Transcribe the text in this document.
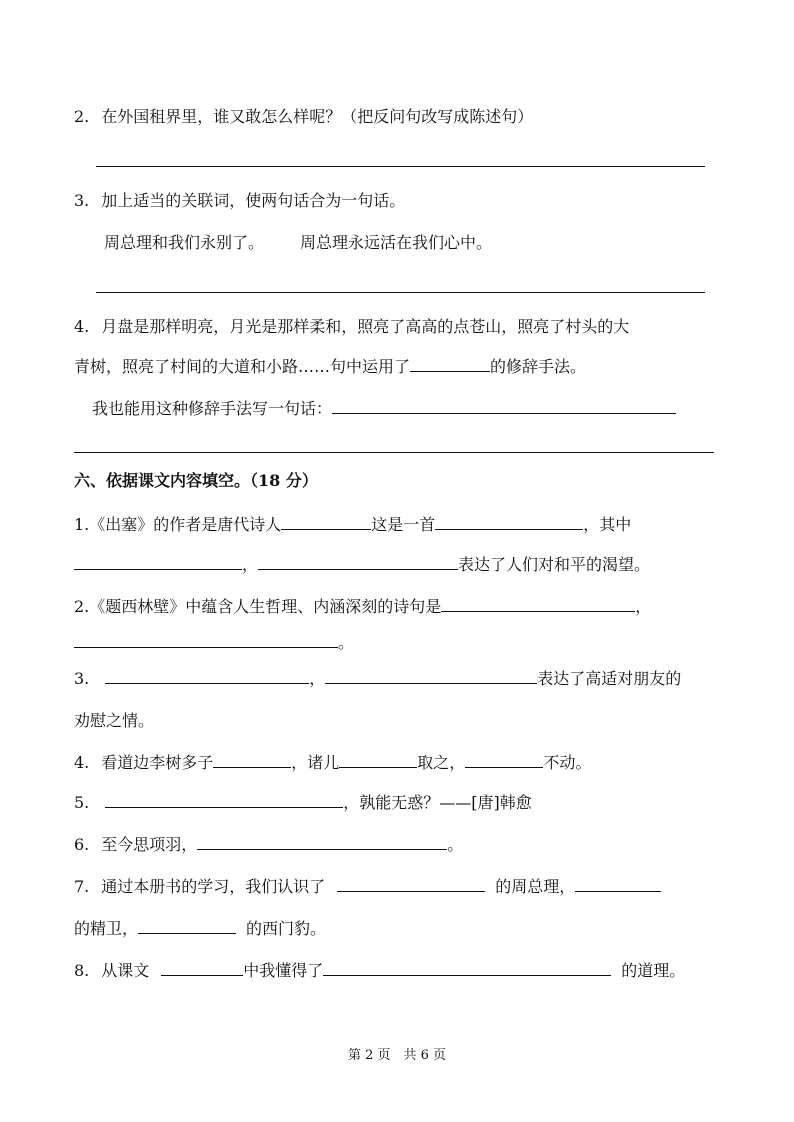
2. 在外国租界里，谁又敢怎么样呢？（把反问句改写成陈述句）
3. 加上适当的关联词，使两句话合为一句话。
周总理和我们永别了。 周总理永远活在我们心中。
4. 月盘是那样明亮，月光是那样柔和，照亮了高高的点苍山，照亮了村头的大
青树，照亮了村间的大道和小路……句中运用了	的修辞手法。
我也能用这种修辞手法写一句话：
六、依据课文内容填空。（18 分）
1.《出塞》的作者是唐代诗人	这是一首	，其中
，	表达了人们对和平的渴望。
2.《题西林壁》中蕴含人生哲理、内涵深刻的诗句是	，
。
3.	，	表达了高适对朋友的
劝慰之情。
4. 看道边李树多子	，诸儿	取之，	不动。
5.	，孰能无惑？——[唐]韩愈
6. 至今思项羽，	。
7. 通过本册书的学习，我们认识了	的周总理，
的精卫，	的西门豹。
8. 从课文	中我懂得了	的道理。
第 2 页　共 6 页
